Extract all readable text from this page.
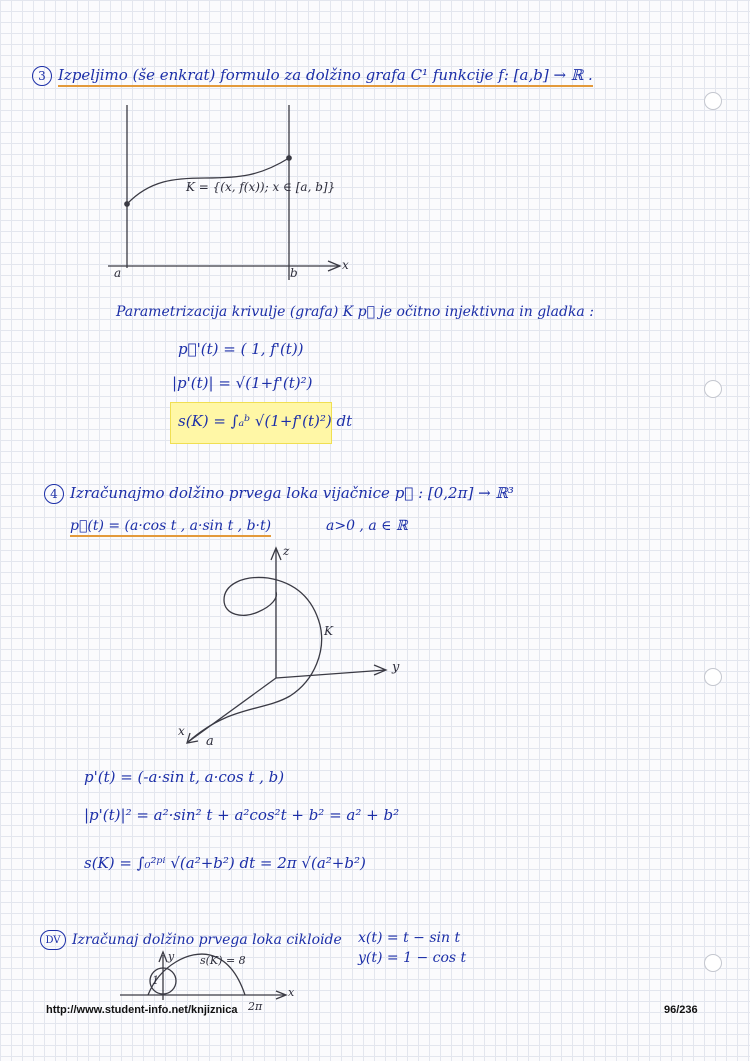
3 Izpeljimo (še enkrat) formulo za dolžino grafa C¹ funkcije f: [a,b] → ℝ .
K = {(x, f(x)); x ∈ [a, b]}
a	b
x
Parametrizacija krivulje (grafa) K p⃗ je očitno injektivna in gladka :
p⃗'(t) = ( 1, f'(t))
|p'(t)| = √(1+f'(t)²)
s(K) = ∫ₐᵇ √(1+f'(t)²) dt
4 Izračunajmo dolžino prvega loka vijačnice p⃗ : [0,2π] → ℝ³
p⃗(t) = (a·cos t , a·sin t , b·t)	a>0 , a ∈ ℝ
z
y
x
a
K
p'(t) = (-a·sin t, a·cos t , b)
|p'(t)|² = a²·sin² t + a²cos²t + b² = a² + b²
s(K) = ∫₀²ᵖⁱ √(a²+b²) dt = 2π √(a²+b²)
DV Izračunaj dolžino prvega loka cikloide x(t) = t − sin t
y(t) = 1 − cos t
1
y
x
s(K) = 8
2π
http://www.student-info.net/knjiznica	96/236
